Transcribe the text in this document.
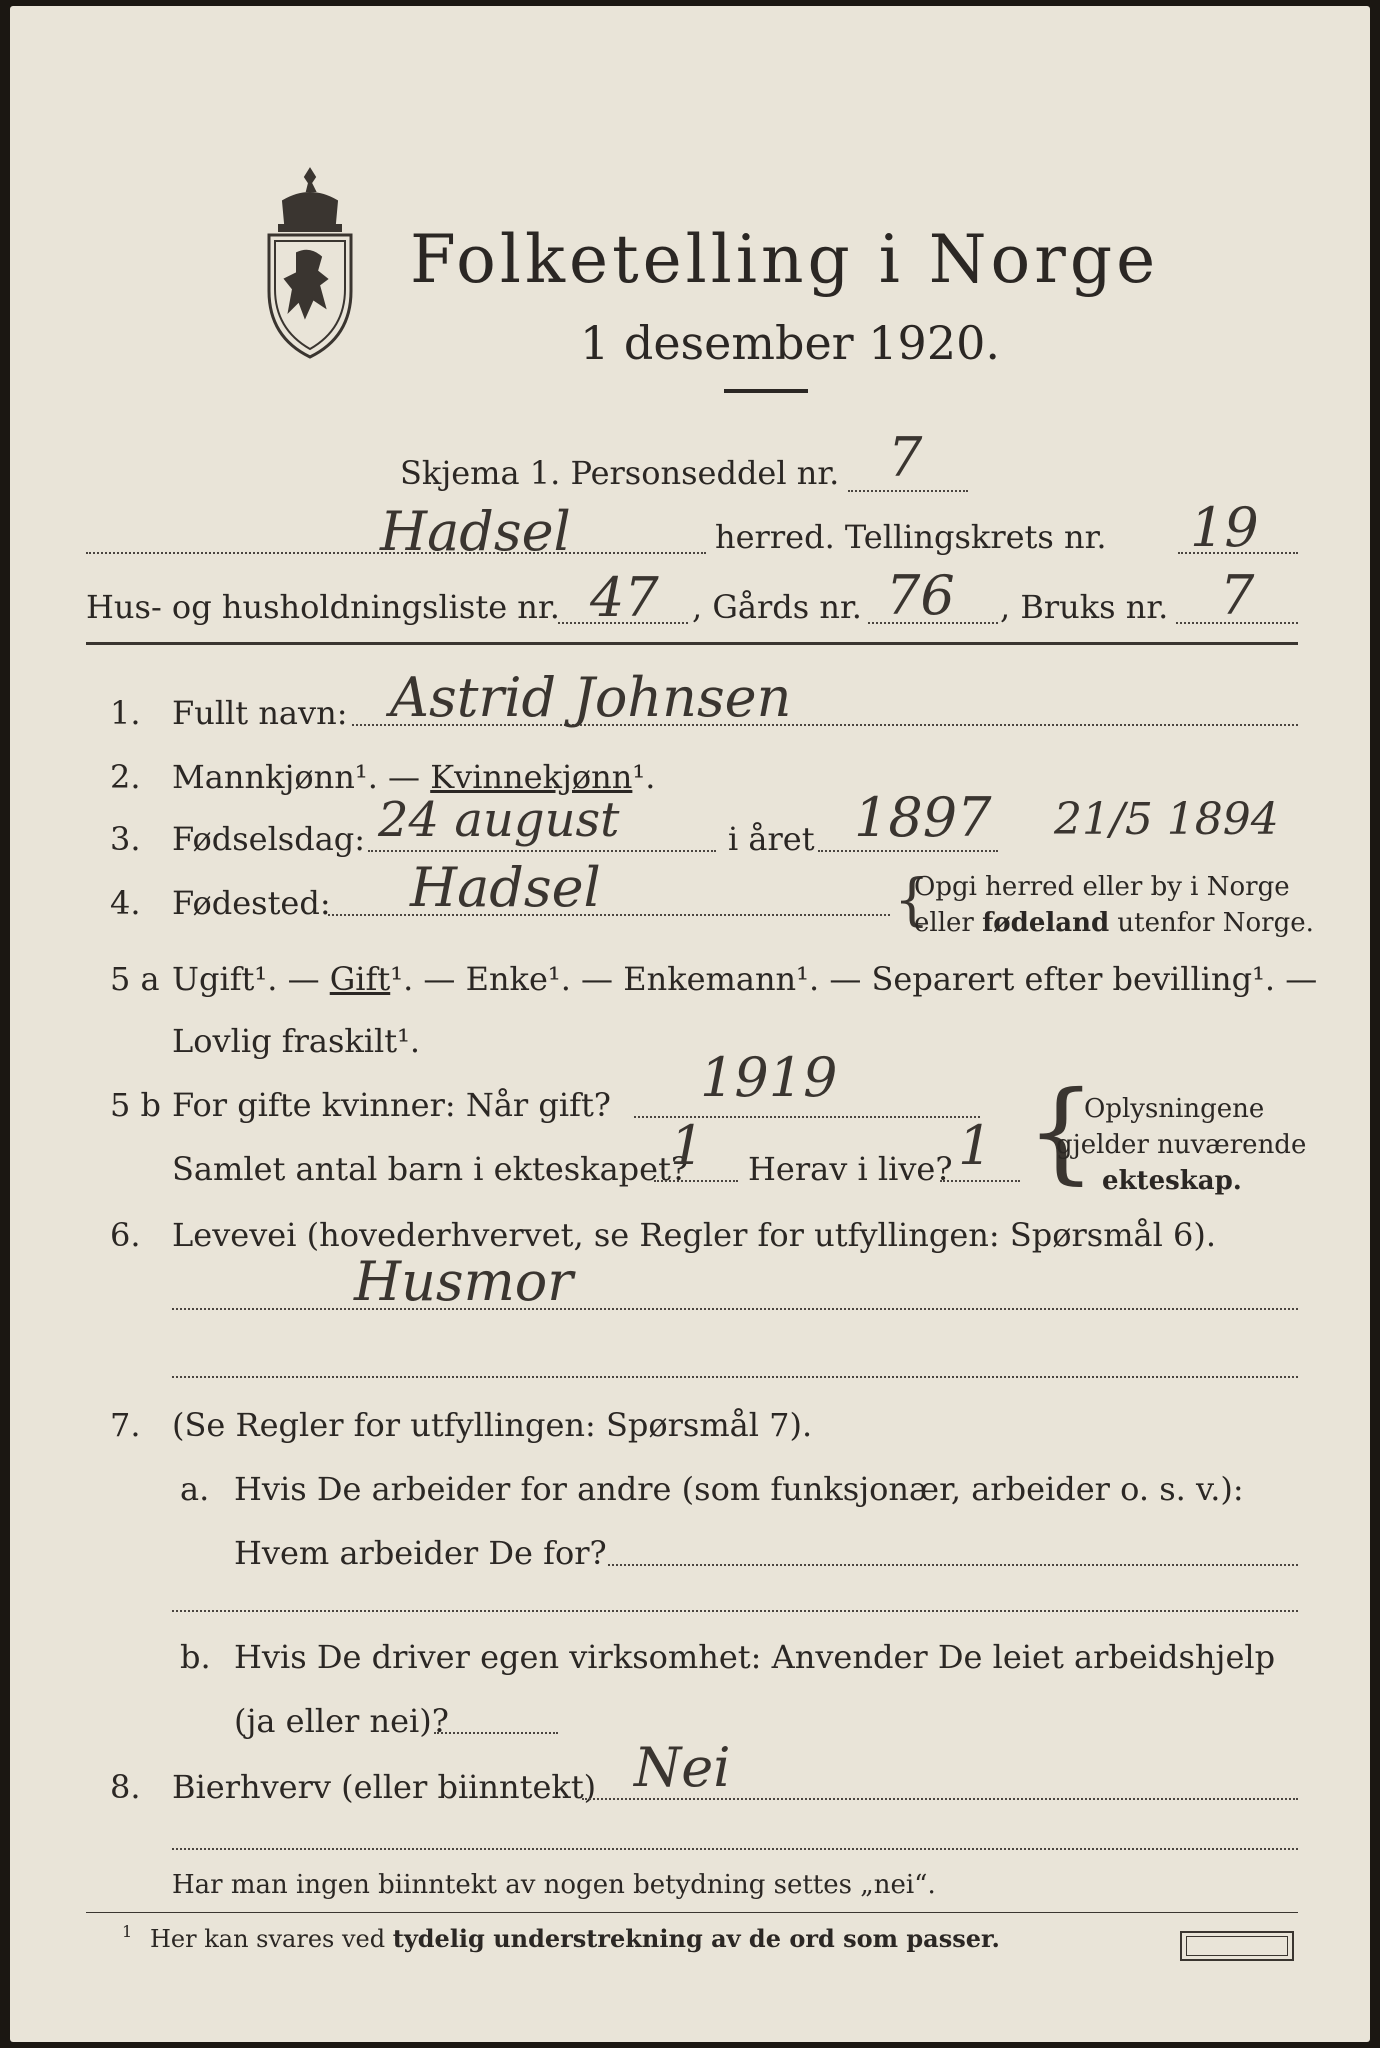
Folketelling i Norge
1 desember 1920.
Skjema 1. Personseddel nr. 7
Hadsel	herred. Tellingskrets nr. 19
Hus- og husholdningsliste nr. 47 , Gårds nr. 76 , Bruks nr. 7
1. Fullt navn: Astrid Johnsen
2. Mannkjønn¹. — Kvinnekjønn¹.
3. Fødselsdag: 24 august	i året 1897 21/5 1894
4. Fødested: Hadsel	{
Opgi herred eller by i Norge
eller fødeland utenfor Norge.
5 a Ugift¹. — Gift¹. — Enke¹. — Enkemann¹. — Separert efter bevilling¹. —
Lovlig fraskilt¹.
5 b For gifte kvinner: Når gift? 1919
Samlet antal barn i ekteskapet?
1 Herav i live? 1 {
Oplysningene
gjelder nuværende
ekteskap.
6. Levevei (hovederhvervet, se Regler for utfyllingen: Spørsmål 6).
Husmor
7. (Se Regler for utfyllingen: Spørsmål 7).
a. Hvis De arbeider for andre (som funksjonær, arbeider o. s. v.):
Hvem arbeider De for?
b. Hvis De driver egen virksomhet: Anvender De leiet arbeidshjelp
(ja eller nei)?
8. Bierhverv (eller biinntekt) Nei
Har man ingen biinntekt av nogen betydning settes „nei“.
1 Her kan svares ved tydelig understrekning av de ord som passer.
